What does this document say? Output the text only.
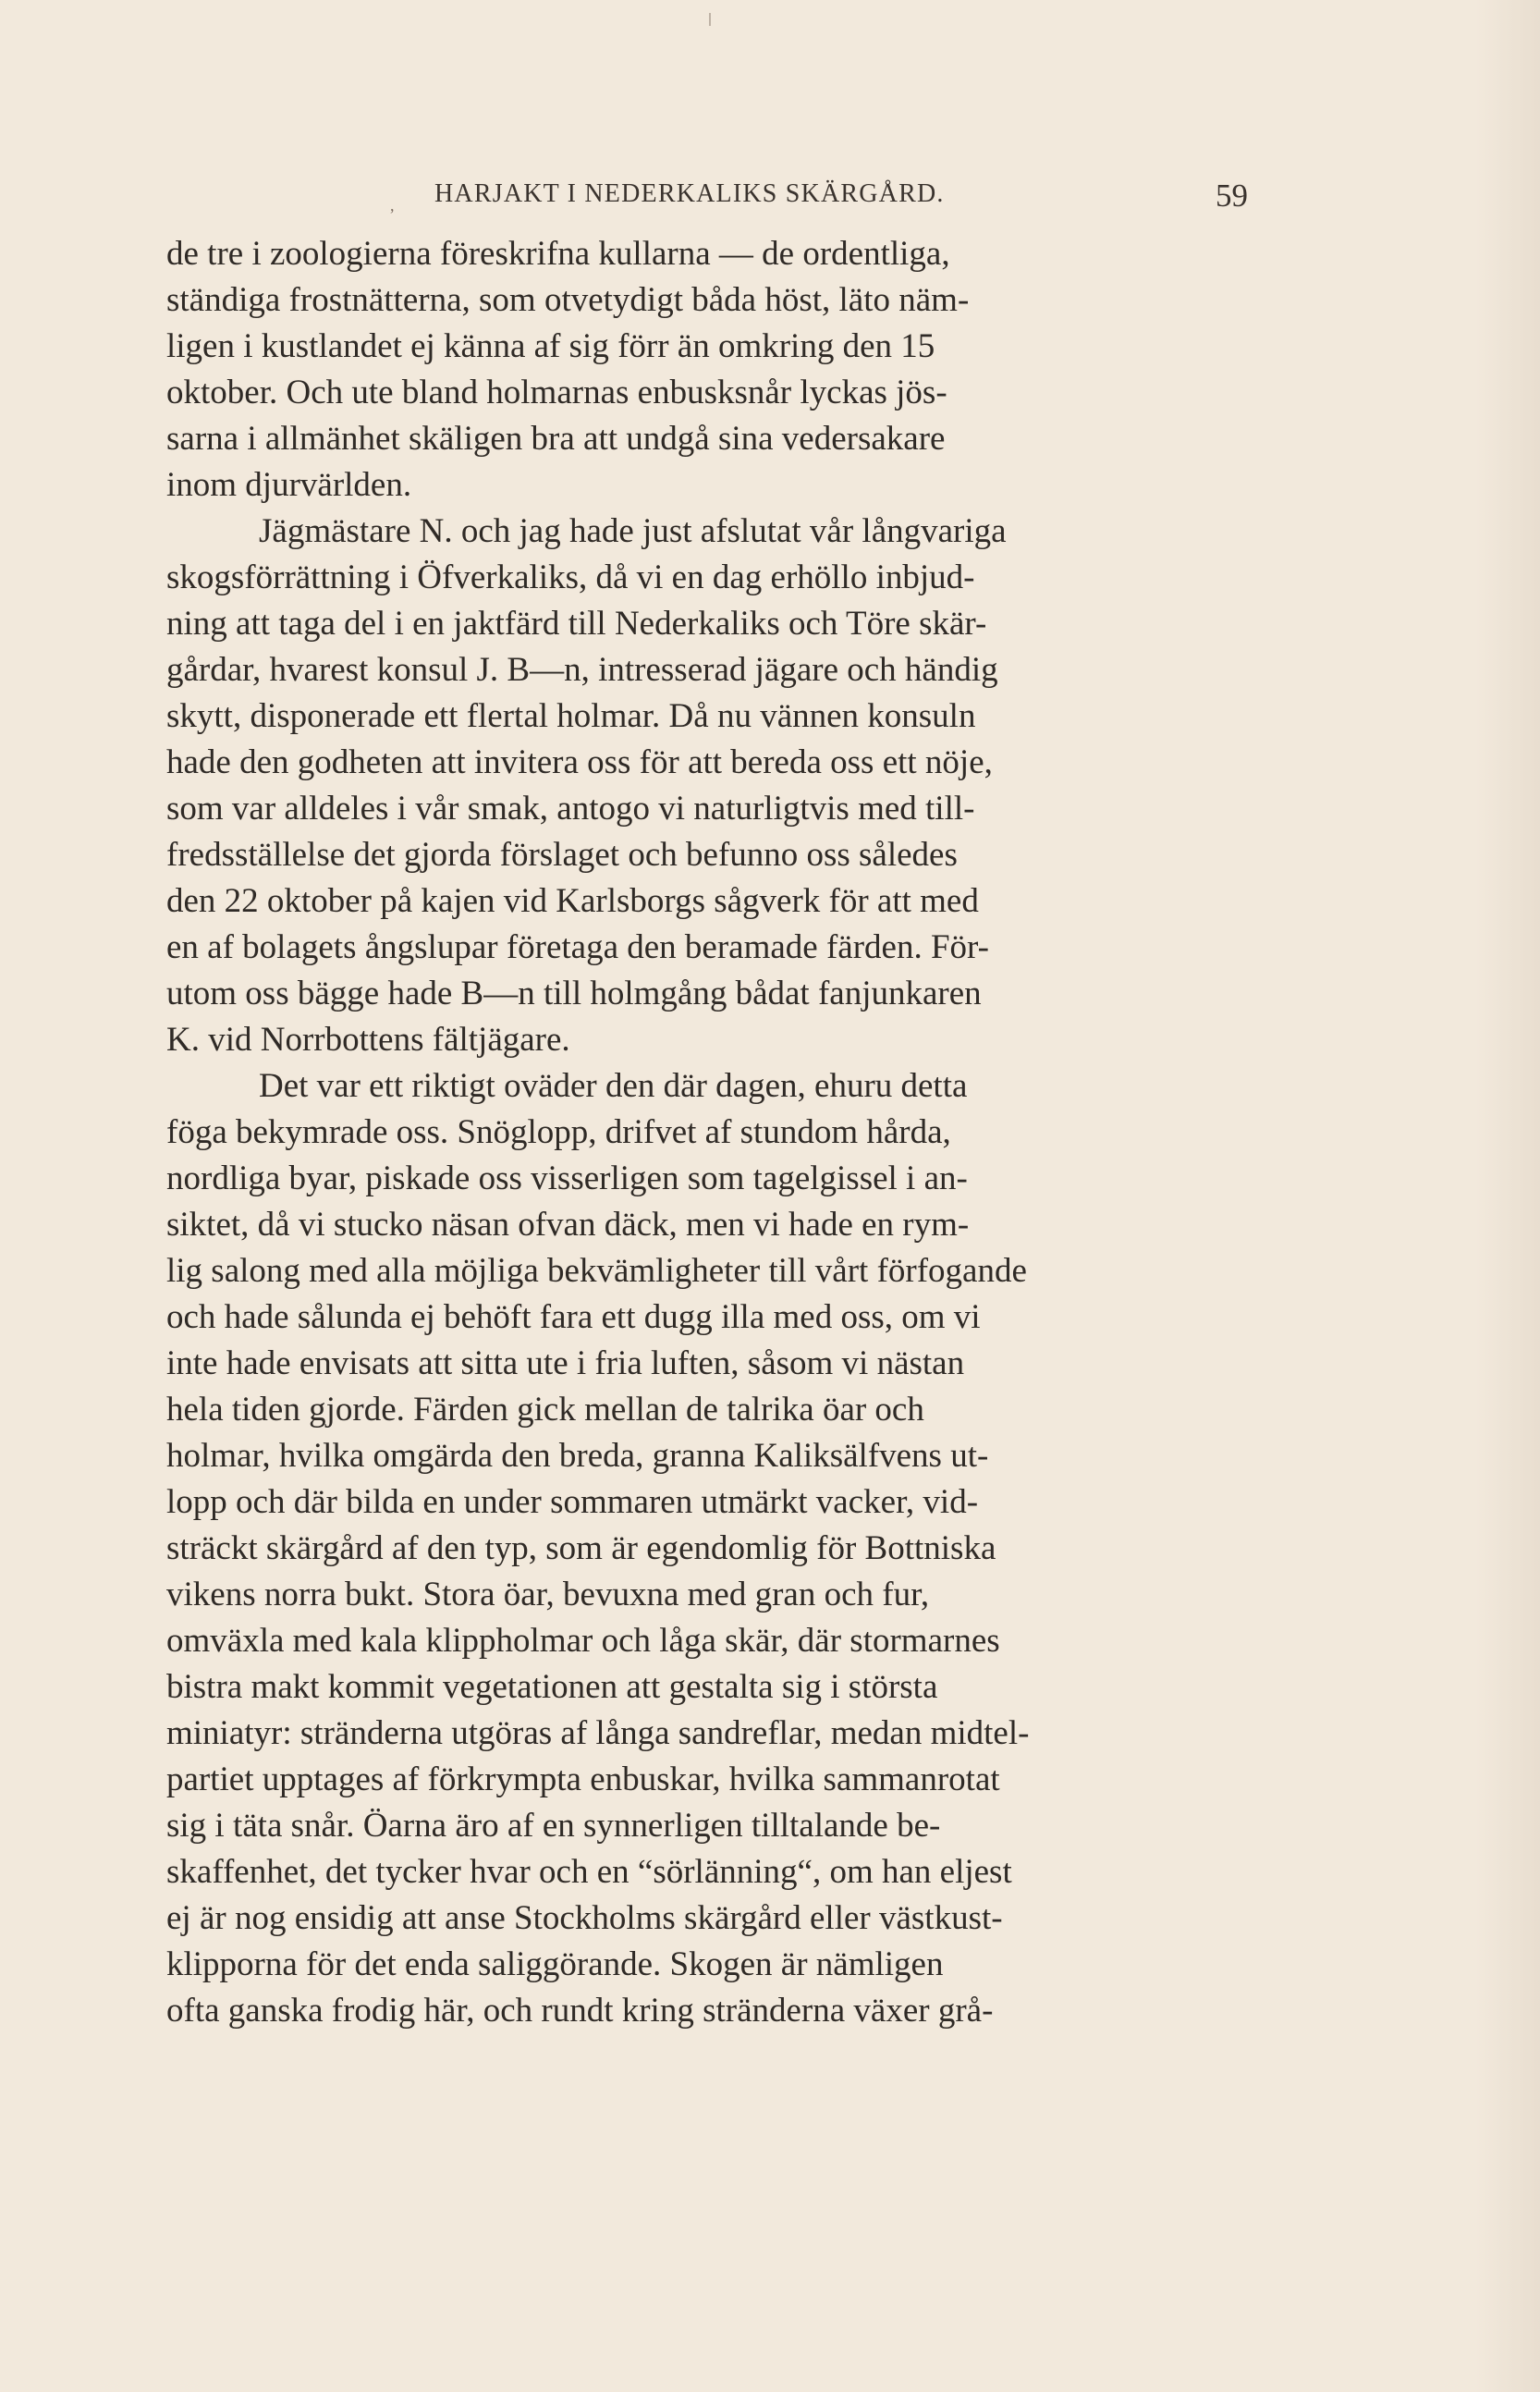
, HARJAKT I NEDERKALIKS SKÄRGÅRD.	59
de tre i zoologierna föreskrifna kullarna — de ordentliga,
ständiga frostnätterna, som otvetydigt båda höst, läto näm-
ligen i kustlandet ej känna af sig förr än omkring den 15
oktober. Och ute bland holmarnas enbusksnår lyckas jös-
sarna i allmänhet skäligen bra att undgå sina vedersakare
inom djurvärlden.
Jägmästare N. och jag hade just afslutat vår långvariga
skogsförrättning i Öfverkaliks, då vi en dag erhöllo inbjud-
ning att taga del i en jaktfärd till Nederkaliks och Töre skär-
gårdar, hvarest konsul J. B—n, intresserad jägare och händig
skytt, disponerade ett flertal holmar. Då nu vännen konsuln
hade den godheten att invitera oss för att bereda oss ett nöje,
som var alldeles i vår smak, antogo vi naturligtvis med till-
fredsställelse det gjorda förslaget och befunno oss således
den 22 oktober på kajen vid Karlsborgs sågverk för att med
en af bolagets ångslupar företaga den beramade färden. För-
utom oss bägge hade B—n till holmgång bådat fanjunkaren
K. vid Norrbottens fältjägare.
Det var ett riktigt oväder den där dagen, ehuru detta
föga bekymrade oss. Snöglopp, drifvet af stundom hårda,
nordliga byar, piskade oss visserligen som tagelgissel i an-
siktet, då vi stucko näsan ofvan däck, men vi hade en rym-
lig salong med alla möjliga bekvämligheter till vårt förfogande
och hade sålunda ej behöft fara ett dugg illa med oss, om vi
inte hade envisats att sitta ute i fria luften, såsom vi nästan
hela tiden gjorde. Färden gick mellan de talrika öar och
holmar, hvilka omgärda den breda, granna Kaliksälfvens ut-
lopp och där bilda en under sommaren utmärkt vacker, vid-
sträckt skärgård af den typ, som är egendomlig för Bottniska
vikens norra bukt. Stora öar, bevuxna med gran och fur,
omväxla med kala klippholmar och låga skär, där stormarnes
bistra makt kommit vegetationen att gestalta sig i största
miniatyr: stränderna utgöras af långa sandreflar, medan midtel-
partiet upptages af förkrympta enbuskar, hvilka sammanrotat
sig i täta snår. Öarna äro af en synnerligen tilltalande be-
skaffenhet, det tycker hvar och en “sörlänning“, om han eljest
ej är nog ensidig att anse Stockholms skärgård eller västkust-
klipporna för det enda saliggörande. Skogen är nämligen
ofta ganska frodig här, och rundt kring stränderna växer grå-
